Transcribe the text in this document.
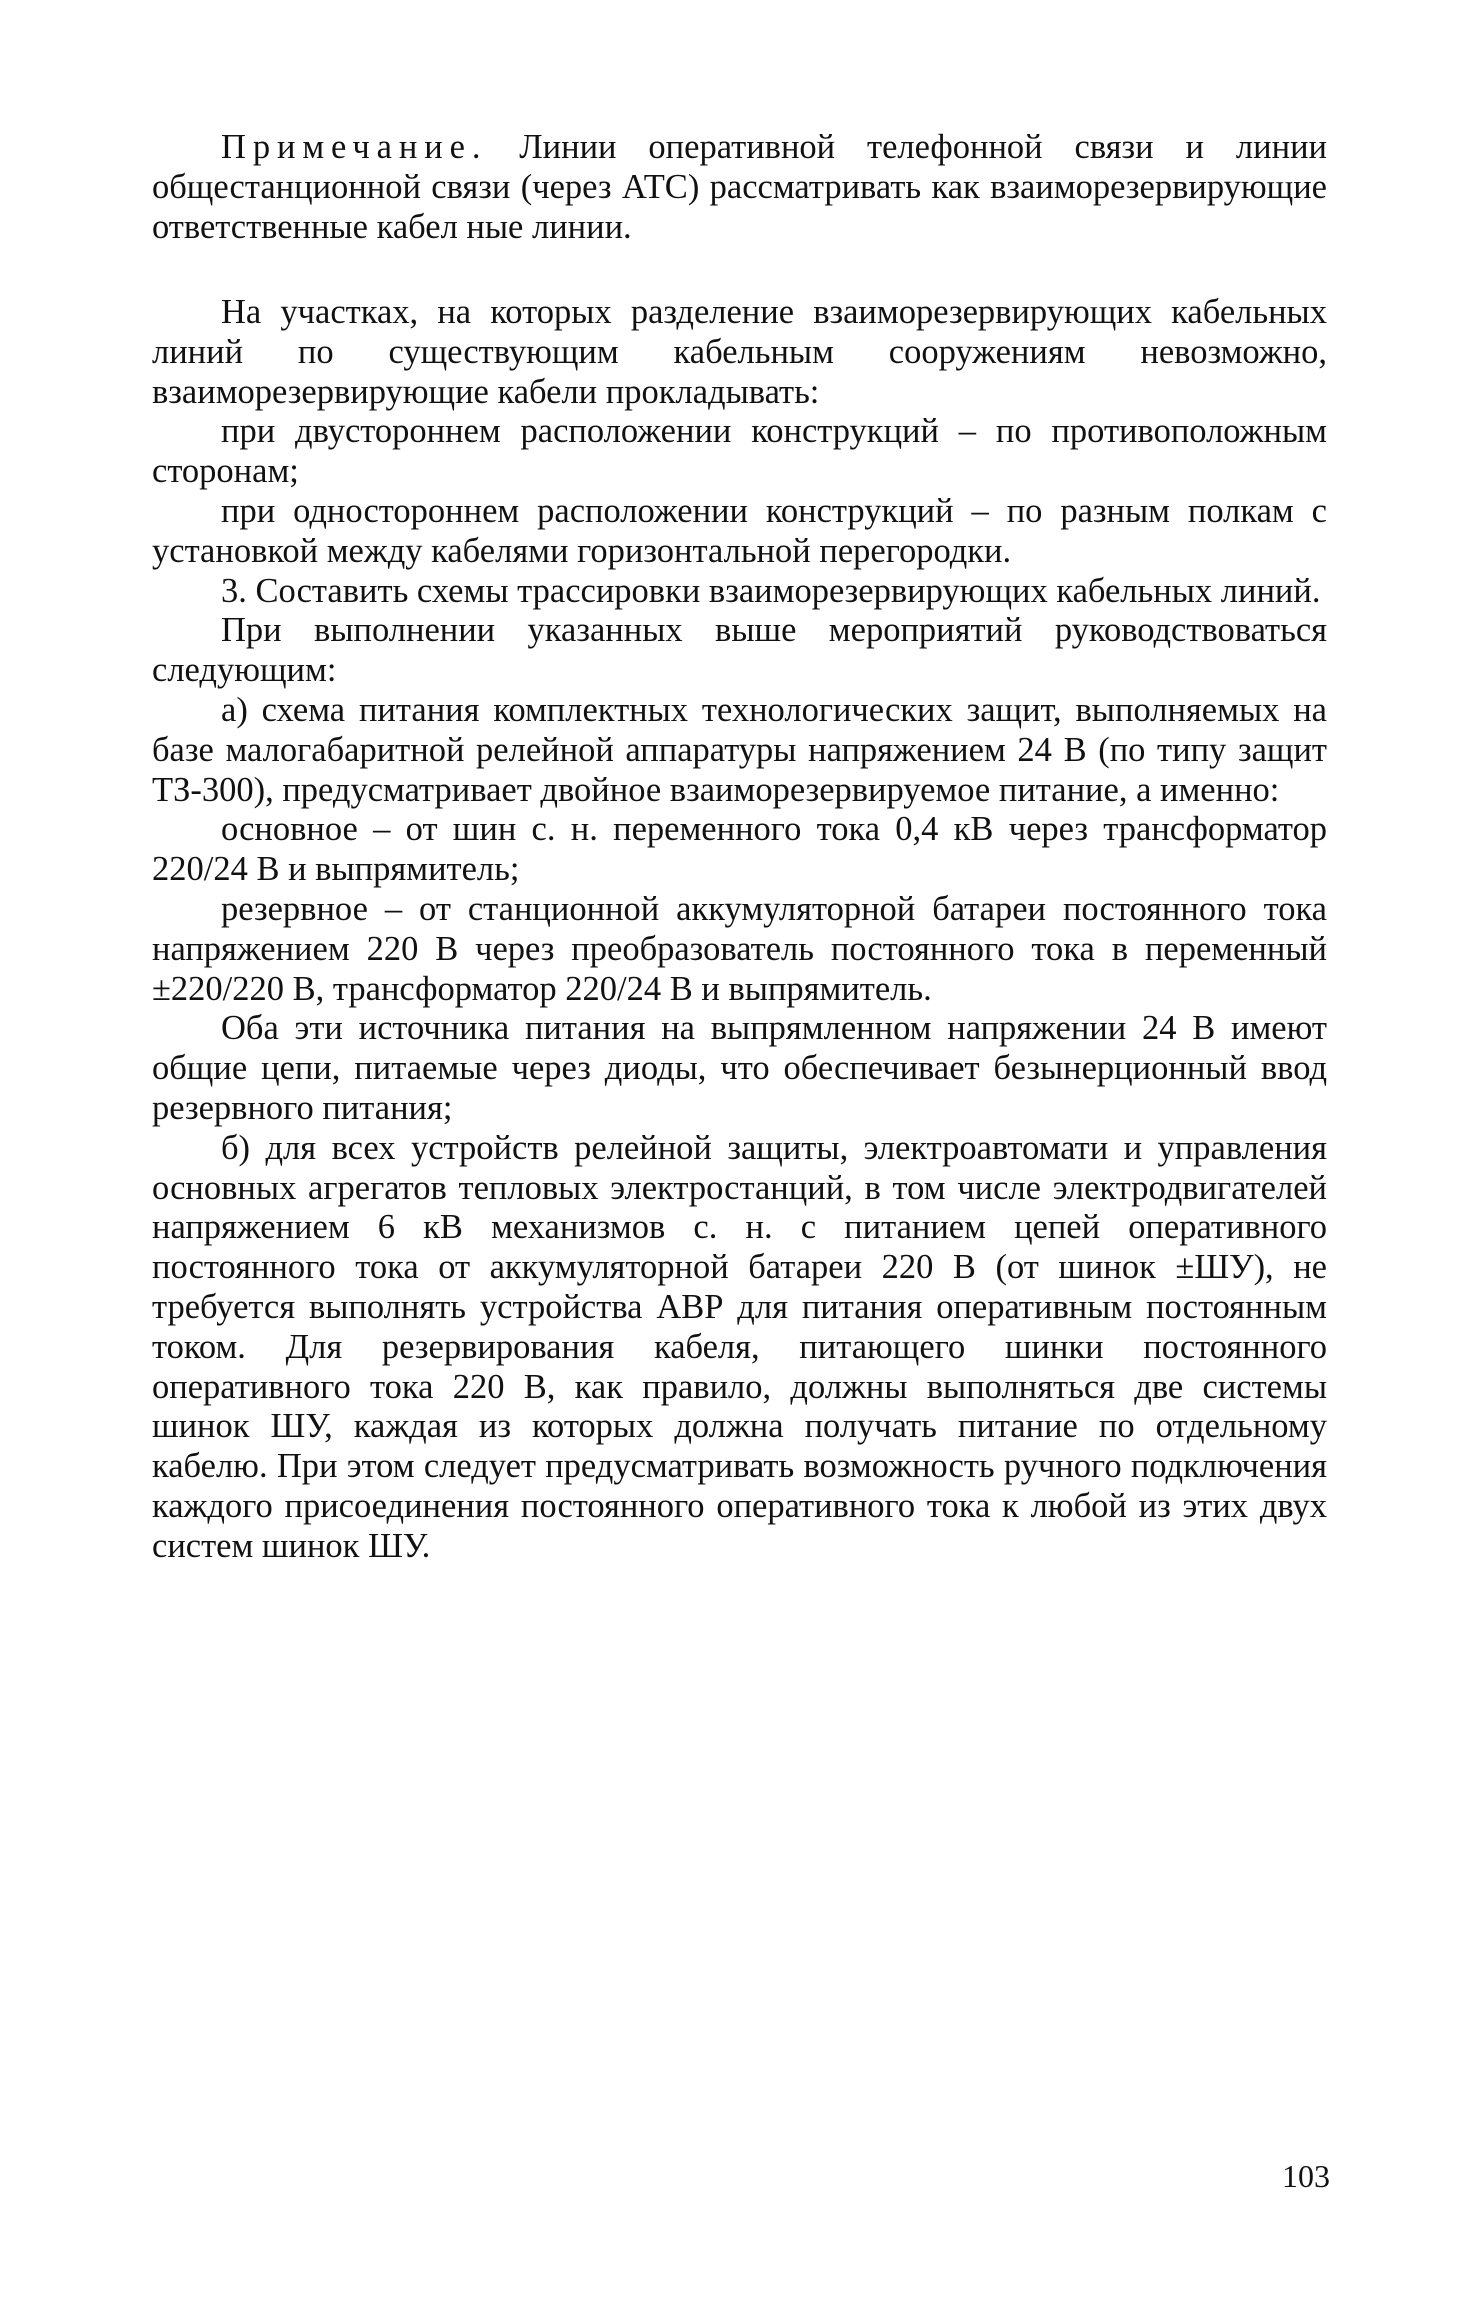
Примечание. Линии оперативной телефонной связи и линии общестанционной связи (через АТС) рассматривать как взаиморезервирующие ответственные кабел ные линии.

На участках, на которых разделение взаиморезервирующих кабельных линий по существующим кабельным сооружениям невозможно, взаиморезервирующие кабели прокладывать:

при двустороннем расположении конструкций – по противоположным сторонам;

при одностороннем расположении конструкций – по разным полкам с установкой между кабелями горизонтальной перегородки.

3. Составить схемы трассировки взаиморезервирующих кабельных линий.

При выполнении указанных выше мероприятий руководствоваться следующим:

а) схема питания комплектных технологических защит, выполняемых на базе малогабаритной релейной аппаратуры напряжением 24 В (по типу защит ТЗ-300), предусматривает двойное взаиморезервируемое питание, а именно:

основное – от шин с. н. переменного тока 0,4 кВ через трансформатор 220/24 В и выпрямитель;

резервное – от станционной аккумуляторной батареи постоянного тока напряжением 220 В через преобразователь постоянного тока в переменный ±220/220 В, трансформатор 220/24 В и выпрямитель.

Оба эти источника питания на выпрямленном напряжении 24 В имеют общие цепи, питаемые через диоды, что обеспечивает безынерционный ввод резервного питания;

б) для всех устройств релейной защиты, электроавтомати и управления основных агрегатов тепловых электростанций, в том числе электродвигателей напряжением 6 кВ механизмов с. н. с питанием цепей оперативного постоянного тока от аккумуляторной батареи 220 В (от шинок ±ШУ), не требуется выполнять устройства АВР для питания оперативным постоянным током. Для резервирования кабеля, питающего шинки постоянного оперативного тока 220 В, как правило, должны выполняться две системы шинок ШУ, каждая из которых должна получать питание по отдельному кабелю. При этом следует предусматривать возможность ручного подключения каждого присоединения постоянного оперативного тока к любой из этих двух систем шинок ШУ.

103
